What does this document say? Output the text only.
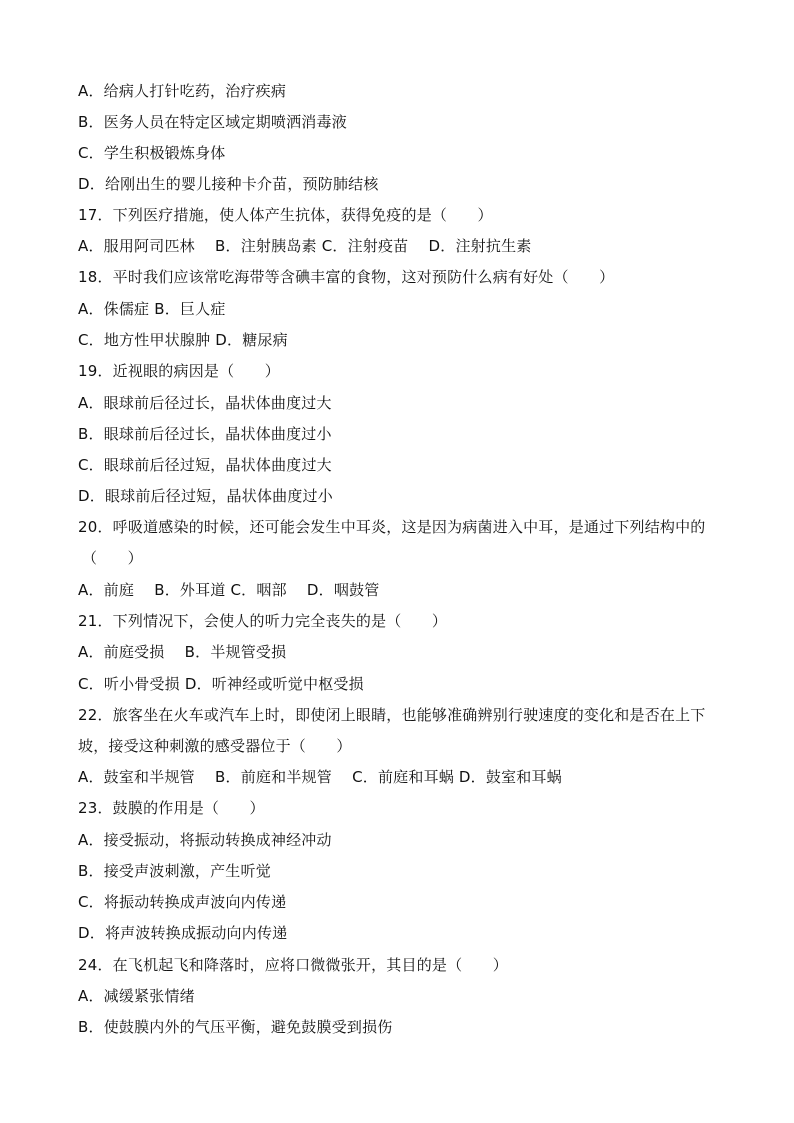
A．给病人打针吃药，治疗疾病
B．医务人员在特定区域定期喷洒消毒液
C．学生积极锻炼身体
D．给刚出生的婴儿接种卡介苗，预防肺结核
17．下列医疗措施，使人体产生抗体，获得免疫的是（　　）
A．服用阿司匹林　 B．注射胰岛素 C．注射疫苗　 D．注射抗生素
18．平时我们应该常吃海带等含碘丰富的食物，这对预防什么病有好处（　　）
A．侏儒症 B．巨人症
C．地方性甲状腺肿 D．糖尿病
19．近视眼的病因是（　　）
A．眼球前后径过长，晶状体曲度过大
B．眼球前后径过长，晶状体曲度过小
C．眼球前后径过短，晶状体曲度过大
D．眼球前后径过短，晶状体曲度过小
20．呼吸道感染的时候，还可能会发生中耳炎，这是因为病菌进入中耳，是通过下列结构中的
（　　）
A．前庭　 B．外耳道 C．咽部　 D．咽鼓管
21．下列情况下，会使人的听力完全丧失的是（　　）
A．前庭受损　 B．半规管受损
C．听小骨受损 D．听神经或听觉中枢受损
22．旅客坐在火车或汽车上时，即使闭上眼睛，也能够准确辨别行驶速度的变化和是否在上下
坡，接受这种刺激的感受器位于（　　）
A．鼓室和半规管　 B．前庭和半规管　 C．前庭和耳蜗 D．鼓室和耳蜗
23．鼓膜的作用是（　　）
A．接受振动，将振动转换成神经冲动
B．接受声波刺激，产生听觉
C．将振动转换成声波向内传递
D．将声波转换成振动向内传递
24．在飞机起飞和降落时，应将口微微张开，其目的是（　　）
A．减缓紧张情绪
B．使鼓膜内外的气压平衡，避免鼓膜受到损伤
